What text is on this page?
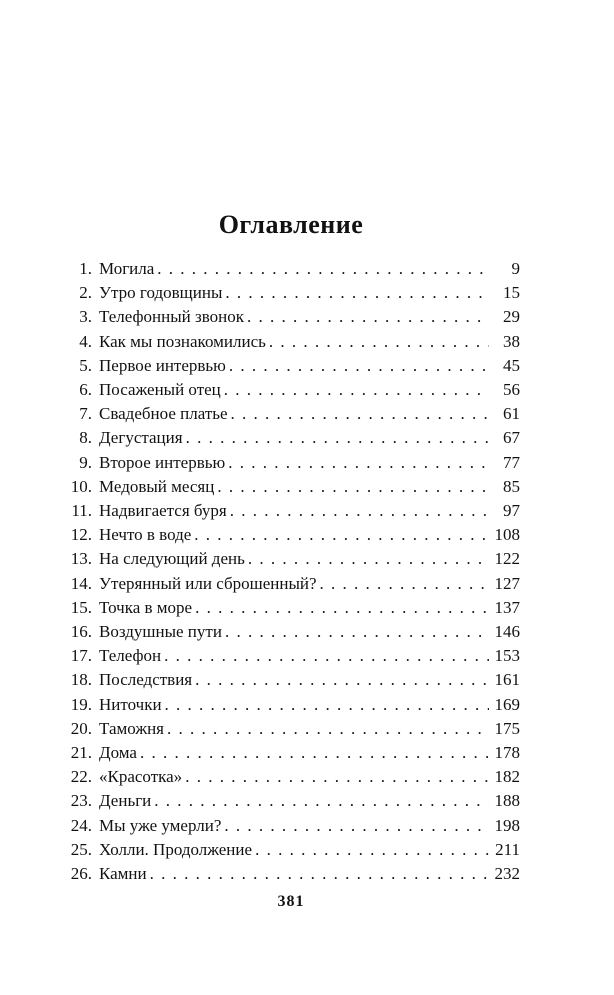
Оглавление
1. Могила . . .	9
2. Утро годовщины . . .	15
3. Телефонный звонок . . .	29
4. Как мы познакомились . . .	38
5. Первое интервью . . .	45
6. Посаженый отец . . .	56
7. Свадебное платье . . .	61
8. Дегустация . . .	67
9. Второе интервью . . .	77
10. Медовый месяц . . .	85
11. Надвигается буря . . .	97
12. Нечто в воде . . .	108
13. На следующий день . . .	122
14. Утерянный или сброшенный? . . .	127
15. Точка в море . . .	137
16. Воздушные пути . . .	146
17. Телефон . . .	153
18. Последствия . . .	161
19. Ниточки . . .	169
20. Таможня . . .	175
21. Дома . . .	178
22. «Красотка» . . .	182
23. Деньги . . .	188
24. Мы уже умерли? . . .	198
25. Холли. Продолжение . . .	211
26. Камни . . .	232
381
